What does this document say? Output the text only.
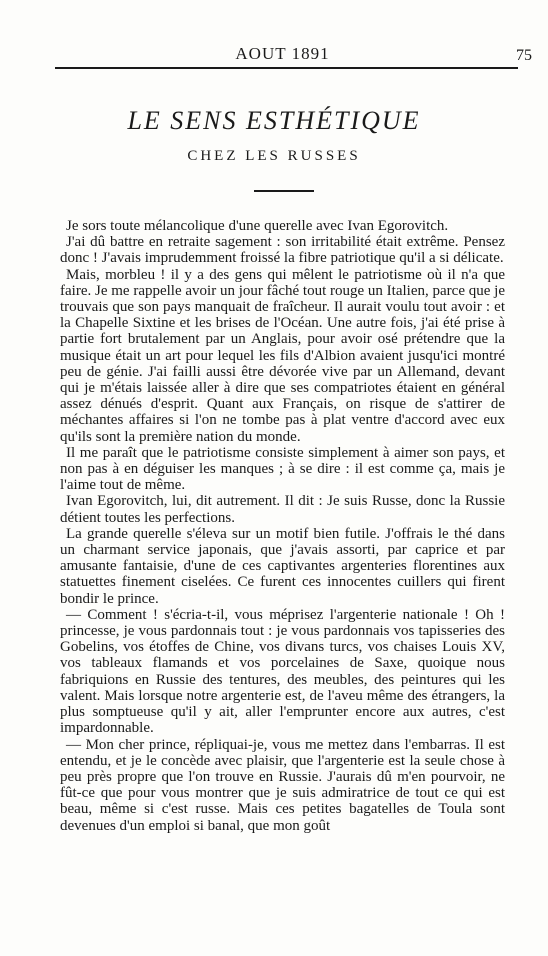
AOUT 1891	75
LE SENS ESTHÉTIQUE
CHEZ LES RUSSES

Je sors toute mélancolique d'une querelle avec Ivan Egorovitch.

J'ai dû battre en retraite sagement : son irritabilité était extrême. Pensez donc ! J'avais imprudemment froissé la fibre patriotique qu'il a si délicate.

Mais, morbleu ! il y a des gens qui mêlent le patriotisme où il n'a que faire. Je me rappelle avoir un jour fâché tout rouge un Italien, parce que je trouvais que son pays manquait de fraîcheur. Il aurait voulu tout avoir : et la Chapelle Sixtine et les brises de l'Océan. Une autre fois, j'ai été prise à partie fort brutalement par un Anglais, pour avoir osé prétendre que la musique était un art pour lequel les fils d'Albion avaient jusqu'ici montré peu de génie. J'ai failli aussi être dévorée vive par un Allemand, devant qui je m'étais laissée aller à dire que ses compatriotes étaient en général assez dénués d'esprit. Quant aux Français, on risque de s'attirer de méchantes affaires si l'on ne tombe pas à plat ventre d'accord avec eux qu'ils sont la première nation du monde.

Il me paraît que le patriotisme consiste simplement à aimer son pays, et non pas à en déguiser les manques ; à se dire : il est comme ça, mais je l'aime tout de même.

Ivan Egorovitch, lui, dit autrement. Il dit : Je suis Russe, donc la Russie détient toutes les perfections.

La grande querelle s'éleva sur un motif bien futile. J'offrais le thé dans un charmant service japonais, que j'avais assorti, par caprice et par amusante fantaisie, d'une de ces captivantes argenteries florentines aux statuettes finement ciselées. Ce furent ces innocentes cuillers qui firent bondir le prince.

— Comment ! s'écria-t-il, vous méprisez l'argenterie nationale ! Oh ! princesse, je vous pardonnais tout : je vous pardonnais vos tapisseries des Gobelins, vos étoffes de Chine, vos divans turcs, vos chaises Louis XV, vos tableaux flamands et vos porcelaines de Saxe, quoique nous fabriquions en Russie des tentures, des meubles, des peintures qui les valent. Mais lorsque notre argenterie est, de l'aveu même des étrangers, la plus somptueuse qu'il y ait, aller l'emprunter encore aux autres, c'est impardonnable.

— Mon cher prince, répliquai-je, vous me mettez dans l'embarras. Il est entendu, et je le concède avec plaisir, que l'argenterie est la seule chose à peu près propre que l'on trouve en Russie. J'aurais dû m'en pourvoir, ne fût-ce que pour vous montrer que je suis admiratrice de tout ce qui est beau, même si c'est russe. Mais ces petites bagatelles de Toula sont devenues d'un emploi si banal, que mon goût
